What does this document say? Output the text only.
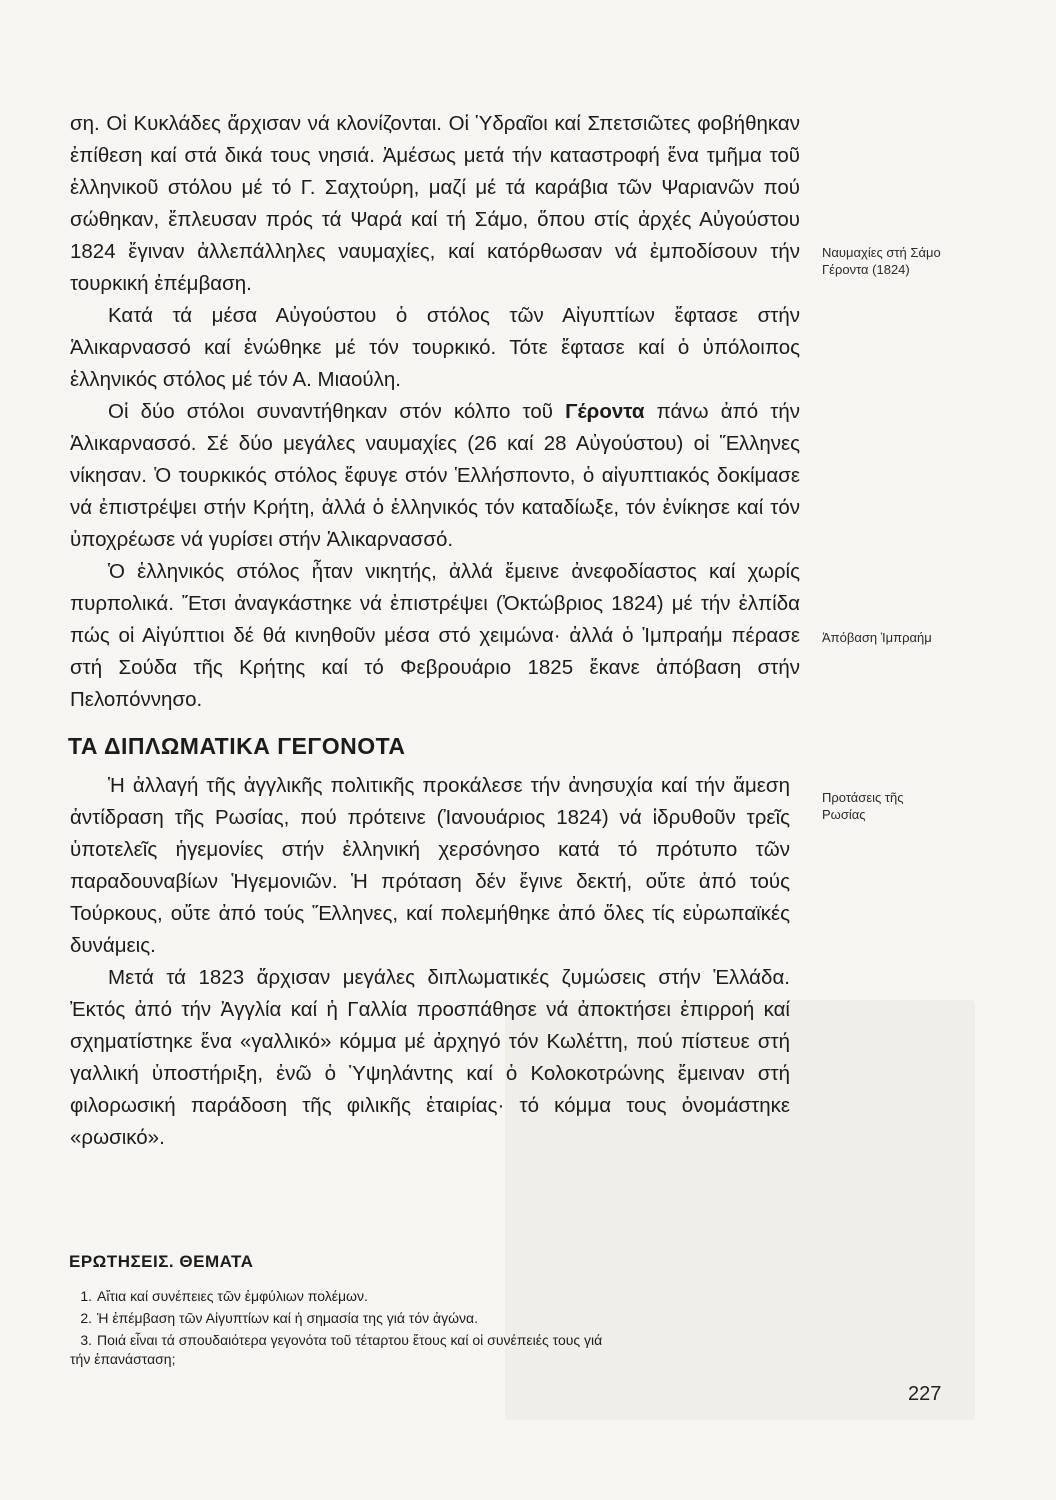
ση. Οἱ Κυκλάδες ἄρχισαν νά κλονίζονται. Οἱ Ὑδραῖοι καί Σπετσιῶτες φοβήθηκαν ἐπίθεση καί στά δικά τους νησιά. Ἀμέσως μετά τήν καταστροφή ἕνα τμῆμα τοῦ ἑλληνικοῦ στόλου μέ τό Γ. Σαχτούρη, μαζί μέ τά καράβια τῶν Ψαριανῶν πού σώθηκαν, ἔπλευσαν πρός τά Ψαρά καί τή Σάμο, ὅπου στίς ἀρχές Αὐγούστου 1824 ἔγιναν ἀλλεπάλληλες ναυμαχίες, καί κατόρθωσαν νά ἐμποδίσουν τήν τουρκική ἐπέμβαση.

Κατά τά μέσα Αὐγούστου ὁ στόλος τῶν Αἰγυπτίων ἔφτασε στήν Ἁλικαρνασσό καί ἑνώθηκε μέ τόν τουρκικό. Τότε ἔφτασε καί ὁ ὑπόλοιπος ἑλληνικός στόλος μέ τόν Α. Μιαούλη.

Οἱ δύο στόλοι συναντήθηκαν στόν κόλπο τοῦ Γέροντα πάνω ἀπό τήν Ἁλικαρνασσό. Σέ δύο μεγάλες ναυμαχίες (26 καί 28 Αὐγούστου) οἱ Ἕλληνες νίκησαν. Ὁ τουρκικός στόλος ἔφυγε στόν Ἑλλήσποντο, ὁ αἰγυπτιακός δοκίμασε νά ἐπιστρέψει στήν Κρήτη, ἀλλά ὁ ἑλληνικός τόν καταδίωξε, τόν ἐνίκησε καί τόν ὑποχρέωσε νά γυρίσει στήν Ἁλικαρνασσό.

Ὁ ἑλληνικός στόλος ἦταν νικητής, ἀλλά ἔμεινε ἀνεφοδίαστος καί χωρίς πυρπολικά. Ἔτσι ἀναγκάστηκε νά ἐπιστρέψει (Ὀκτώβριος 1824) μέ τήν ἐλπίδα πώς οἱ Αἰγύπτιοι δέ θά κινηθοῦν μέσα στό χειμώνα· ἀλλά ὁ Ἰμπραήμ πέρασε στή Σούδα τῆς Κρήτης καί τό Φεβρουάριο 1825 ἔκανε ἀπόβαση στήν Πελοπόννησο.

Ναυμαχίες στή Σάμο
Γέροντα (1824)
Ἀπόβαση Ἰμπραήμ
ΤΑ ΔΙΠΛΩΜΑΤΙΚΑ ΓΕΓΟΝΟΤΑ

Ἡ ἀλλαγή τῆς ἀγγλικῆς πολιτικῆς προκάλεσε τήν ἀνησυχία καί τήν ἄμεση ἀντίδραση τῆς Ρωσίας, πού πρότεινε (Ἰανουάριος 1824) νά ἱδρυθοῦν τρεῖς ὑποτελεῖς ἡγεμονίες στήν ἑλληνική χερσόνησο κατά τό πρότυπο τῶν παραδουναβίων Ἡγεμονιῶν. Ἡ πρόταση δέν ἔγινε δεκτή, οὔτε ἀπό τούς Τούρκους, οὔτε ἀπό τούς Ἕλληνες, καί πολεμήθηκε ἀπό ὅλες τίς εὐρωπαϊκές δυνάμεις.

Μετά τά 1823 ἄρχισαν μεγάλες διπλωματικές ζυμώσεις στήν Ἑλλάδα. Ἐκτός ἀπό τήν Ἀγγλία καί ἡ Γαλλία προσπάθησε νά ἀποκτήσει ἐπιρροή καί σχηματίστηκε ἕνα «γαλλικό» κόμμα μέ ἀρχηγό τόν Κωλέττη, πού πίστευε στή γαλλική ὑποστήριξη, ἐνῶ ὁ Ὑψηλάντης καί ὁ Κολοκοτρώνης ἔμειναν στή φιλορωσική παράδοση τῆς φιλικῆς ἑταιρίας· τό κόμμα τους ὀνομάστηκε «ρωσικό».

Προτάσεις τῆς
Ρωσίας
ΕΡΩΤΗΣΕΙΣ. ΘΕΜΑΤΑ
1. Αἴτια καί συνέπειες τῶν ἐμφύλιων πολέμων.
2. Ἡ ἐπέμβαση τῶν Αἰγυπτίων καί ἡ σημασία της γιά τόν ἀγώνα.
3. Ποιά εἶναι τά σπουδαιότερα γεγονότα τοῦ τέταρτου ἔτους καί οἱ συνέπειές τους γιά
τήν ἐπανάσταση;
227
